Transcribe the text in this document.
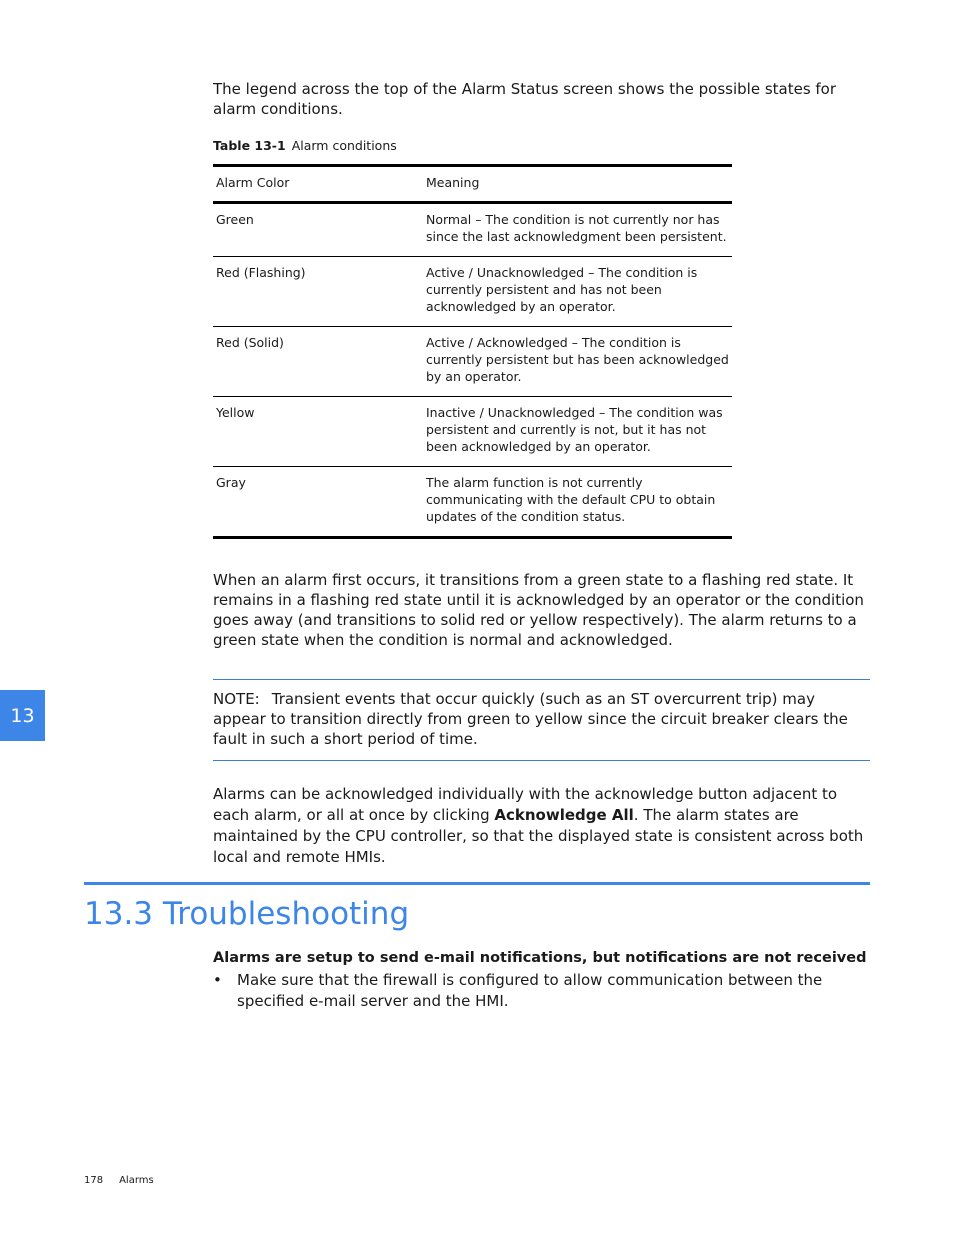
The legend across the top of the Alarm Status screen shows the possible states for alarm conditions.
Table 13-1 Alarm conditions
Alarm Color	Meaning
Green	Normal – The condition is not currently nor has since the last acknowledgment been persistent.
Red (Flashing)	Active / Unacknowledged – The condition is currently persistent and has not been acknowledged by an operator.
Red (Solid)	Active / Acknowledged – The condition is currently persistent but has been acknowledged by an operator.
Yellow	Inactive / Unacknowledged – The condition was persistent and currently is not, but it has not been acknowledged by an operator.
Gray	The alarm function is not currently communicating with the default CPU to obtain updates of the condition status.
When an alarm first occurs, it transitions from a green state to a flashing red state. It remains in a flashing red state until it is acknowledged by an operator or the condition goes away (and transitions to solid red or yellow respectively). The alarm returns to a green state when the condition is normal and acknowledged.
NOTE: Transient events that occur quickly (such as an ST overcurrent trip) may appear to transition directly from green to yellow since the circuit breaker clears the fault in such a short period of time.
13
Alarms can be acknowledged individually with the acknowledge button adjacent to each alarm, or all at once by clicking Acknowledge All. The alarm states are maintained by the CPU controller, so that the displayed state is consistent across both local and remote HMIs.
13.3 Troubleshooting
Alarms are setup to send e-mail notifications, but notifications are not received
• Make sure that the firewall is configured to allow communication between the specified e-mail server and the HMI.
178 Alarms
